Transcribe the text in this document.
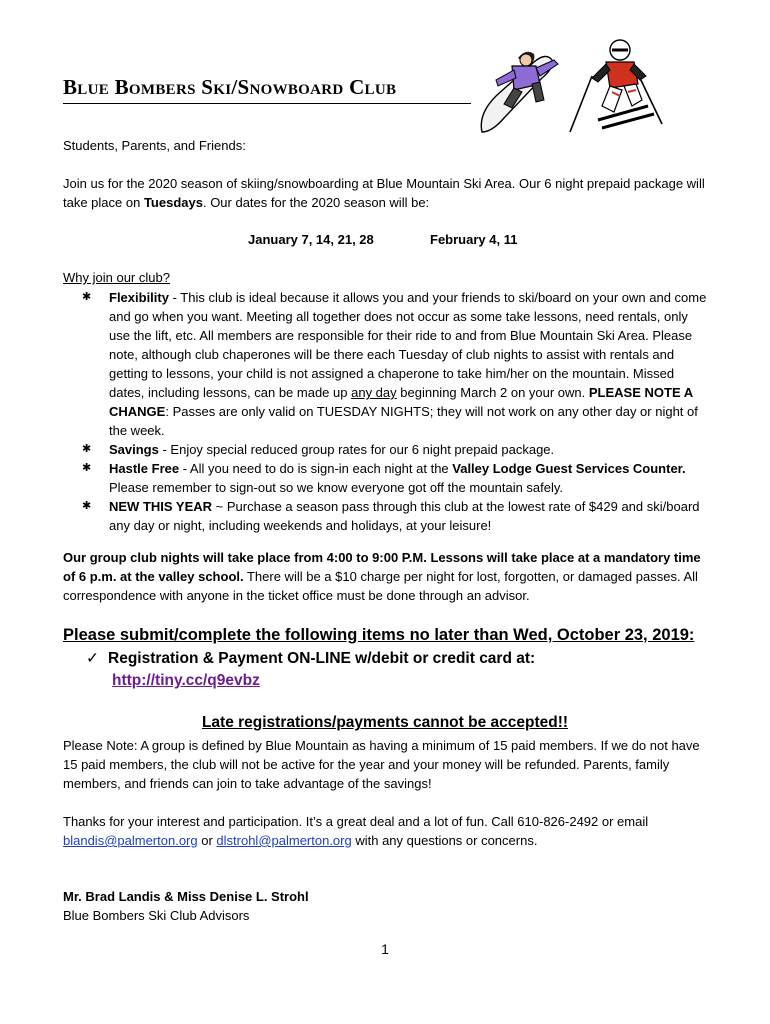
Blue Bombers Ski/Snowboard Club
Students, Parents, and Friends:
Join us for the 2020 season of skiing/snowboarding at Blue Mountain Ski Area. Our 6 night prepaid package will take place on Tuesdays. Our dates for the 2020 season will be:
January 7, 14, 21, 28	February 4, 11
Why join our club?
✱ Flexibility - This club is ideal because it allows you and your friends to ski/board on your own and come and go when you want. Meeting all together does not occur as some take lessons, need rentals, only use the lift, etc. All members are responsible for their ride to and from Blue Mountain Ski Area. Please note, although club chaperones will be there each Tuesday of club nights to assist with rentals and getting to lessons, your child is not assigned a chaperone to take him/her on the mountain. Missed dates, including lessons, can be made up any day beginning March 2 on your own. PLEASE NOTE A CHANGE: Passes are only valid on TUESDAY NIGHTS; they will not work on any other day or night of the week.
✱ Savings - Enjoy special reduced group rates for our 6 night prepaid package.
✱ Hastle Free - All you need to do is sign-in each night at the Valley Lodge Guest Services Counter. Please remember to sign-out so we know everyone got off the mountain safely.
✱ NEW THIS YEAR ~ Purchase a season pass through this club at the lowest rate of $429 and ski/board any day or night, including weekends and holidays, at your leisure!
Our group club nights will take place from 4:00 to 9:00 P.M. Lessons will take place at a mandatory time of 6 p.m. at the valley school. There will be a $10 charge per night for lost, forgotten, or damaged passes. All correspondence with anyone in the ticket office must be done through an advisor.
Please submit/complete the following items no later than Wed, October 23, 2019:
✓ Registration & Payment ON-LINE w/debit or credit card at:
http://tiny.cc/q9evbz
Late registrations/payments cannot be accepted!!
Please Note: A group is defined by Blue Mountain as having a minimum of 15 paid members. If we do not have 15 paid members, the club will not be active for the year and your money will be refunded. Parents, family members, and friends can join to take advantage of the savings!
Thanks for your interest and participation. It’s a great deal and a lot of fun. Call 610-826-2492 or email blandis@palmerton.org or dlstrohl@palmerton.org with any questions or concerns.
Mr. Brad Landis & Miss Denise L. Strohl
Blue Bombers Ski Club Advisors
1
